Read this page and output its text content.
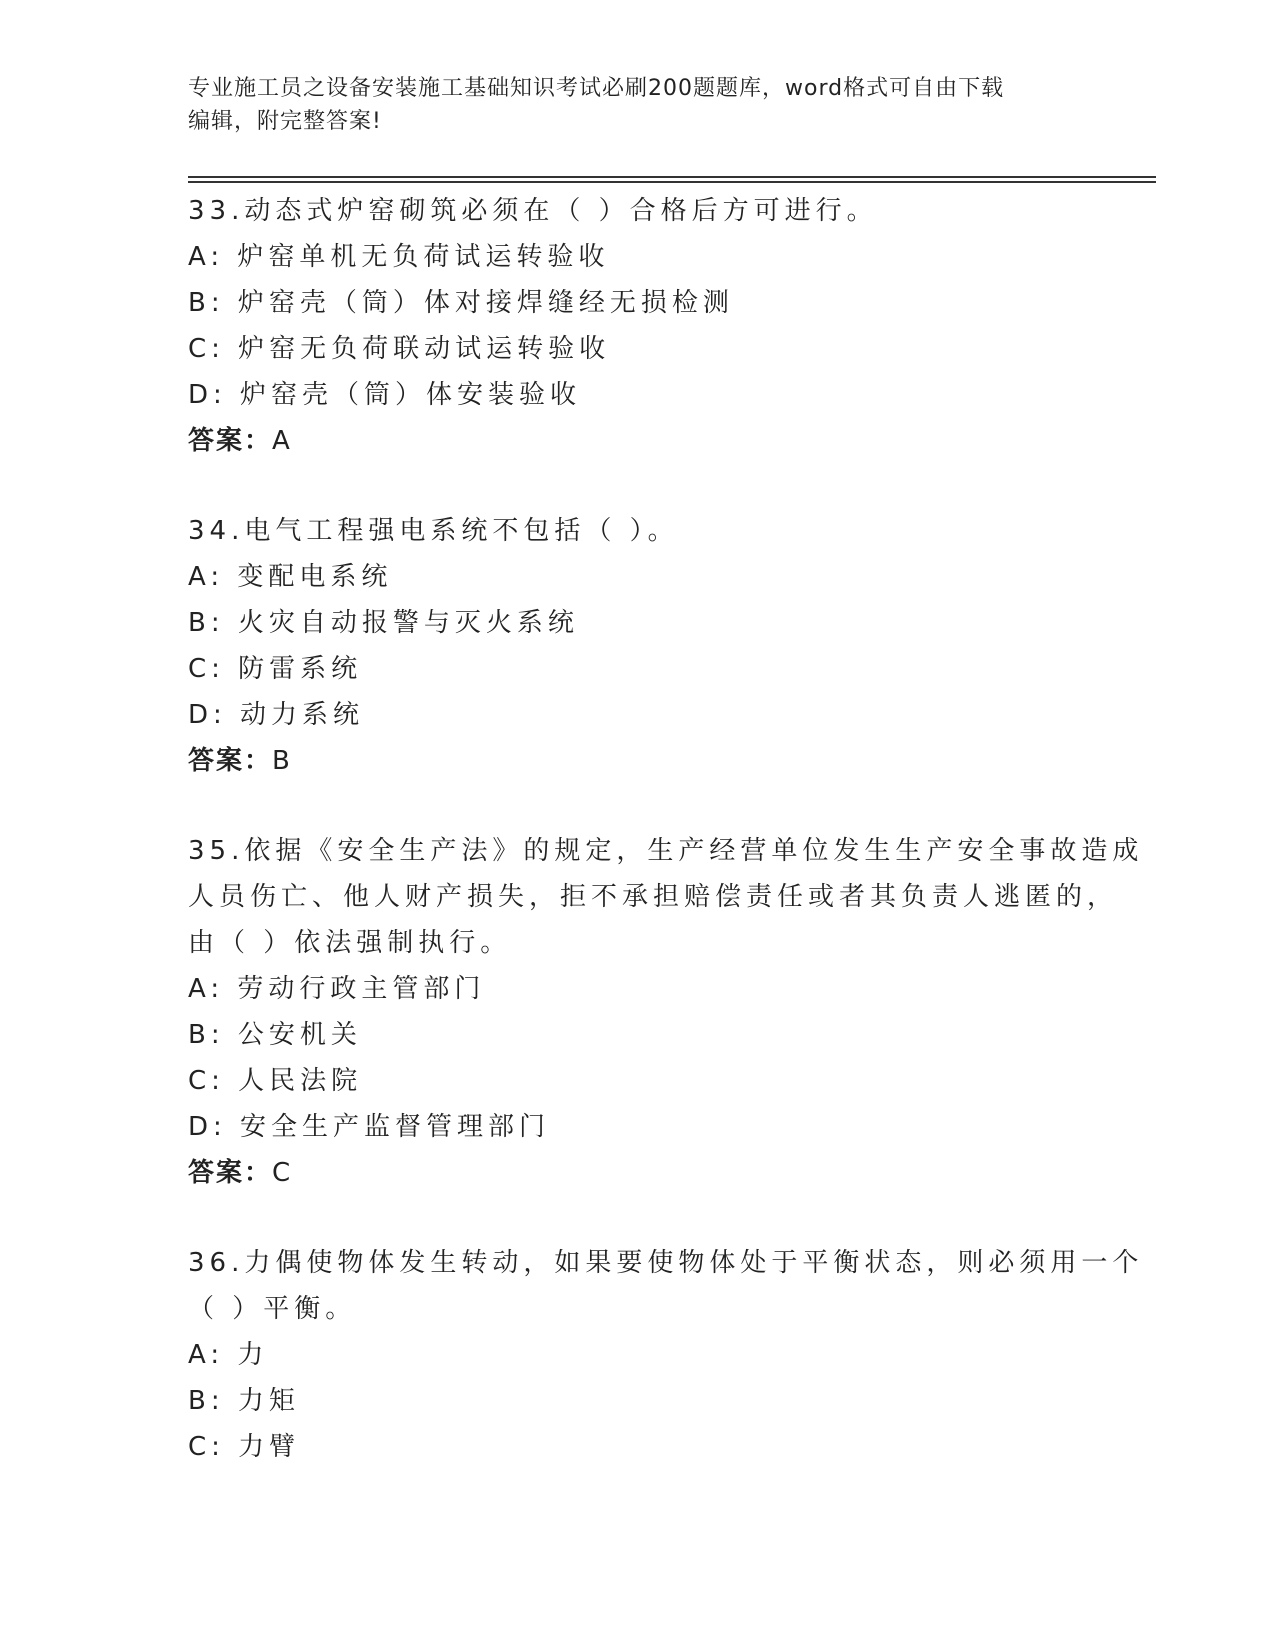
专业施工员之设备安装施工基础知识考试必刷200题题库，word格式可自由下载
编辑，附完整答案!
33.动态式炉窑砌筑必须在（ ）合格后方可进行。
A: 炉窑单机无负荷试运转验收
B: 炉窑壳（筒）体对接焊缝经无损检测
C: 炉窑无负荷联动试运转验收
D: 炉窑壳（筒）体安装验收
答案：A
34.电气工程强电系统不包括（ ）。
A: 变配电系统
B: 火灾自动报警与灭火系统
C: 防雷系统
D: 动力系统
答案：B
35.依据《安全生产法》的规定，生产经营单位发生生产安全事故造成
人员伤亡、他人财产损失，拒不承担赔偿责任或者其负责人逃匿的，
由（ ）依法强制执行。
A: 劳动行政主管部门
B: 公安机关
C: 人民法院
D: 安全生产监督管理部门
答案：C
36.力偶使物体发生转动，如果要使物体处于平衡状态，则必须用一个
（ ）平衡。
A: 力
B: 力矩
C: 力臂
